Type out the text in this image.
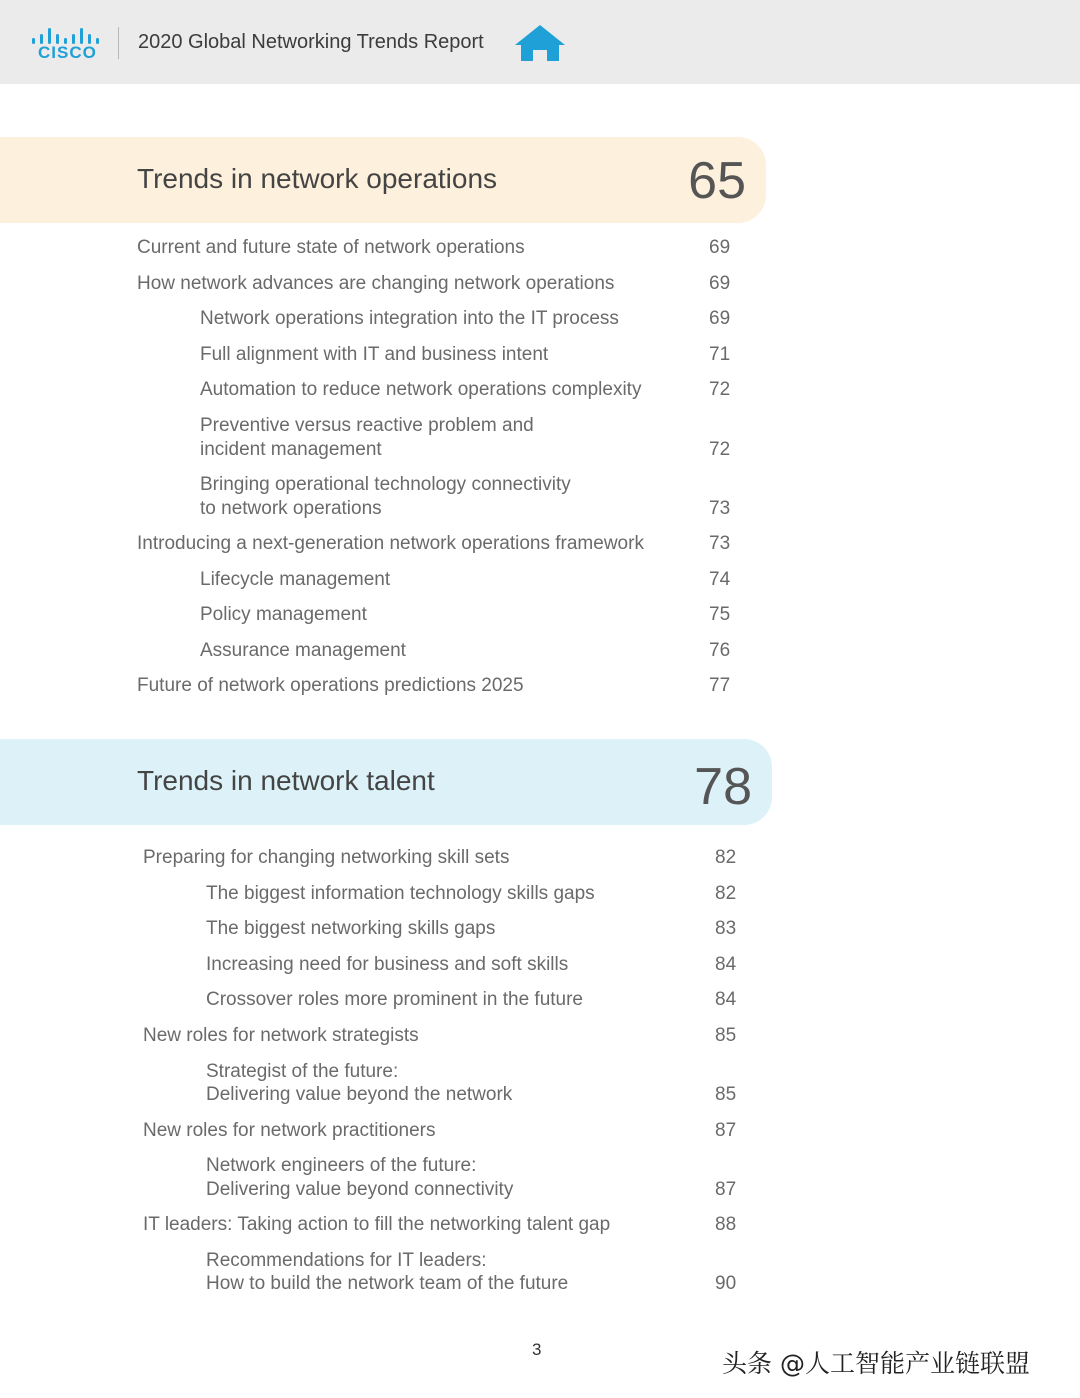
CISCO 2020 Global Networking Trends Report
Trends in network operations	65
Current and future state of network operations	69
How network advances are changing network operations	69
Network operations integration into the IT process	69
Full alignment with IT and business intent	71
Automation to reduce network operations complexity	72
Preventive versus reactive problem and
incident management	72
Bringing operational technology connectivity
to network operations	73
Introducing a next-generation network operations framework	73
Lifecycle management	74
Policy management	75
Assurance management	76
Future of network operations predictions 2025	77
Trends in network talent	78
Preparing for changing networking skill sets	82
The biggest information technology skills gaps	82
The biggest networking skills gaps	83
Increasing need for business and soft skills	84
Crossover roles more prominent in the future	84
New roles for network strategists	85
Strategist of the future:
Delivering value beyond the network	85
New roles for network practitioners	87
Network engineers of the future:
Delivering value beyond connectivity	87
IT leaders: Taking action to fill the networking talent gap	88
Recommendations for IT leaders:
How to build the network team of the future	90
3	头条 @人工智能产业链联盟
